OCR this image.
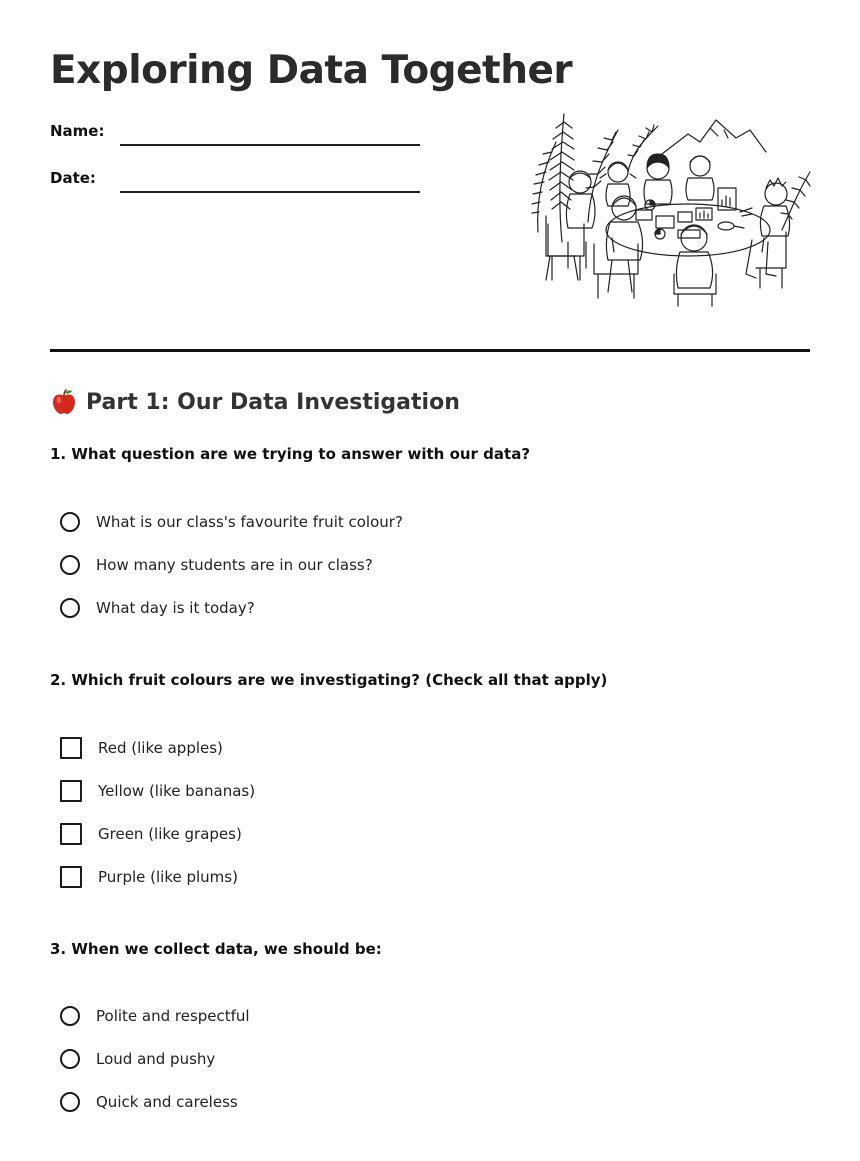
Exploring Data Together
Name:
Date:
Part 1: Our Data Investigation

1. What question are we trying to answer with our data?

What is our class's favourite fruit colour?
How many students are in our class?
What day is it today?

2. Which fruit colours are we investigating? (Check all that apply)

Red (like apples)
Yellow (like bananas)
Green (like grapes)
Purple (like plums)

3. When we collect data, we should be:

Polite and respectful
Loud and pushy
Quick and careless
